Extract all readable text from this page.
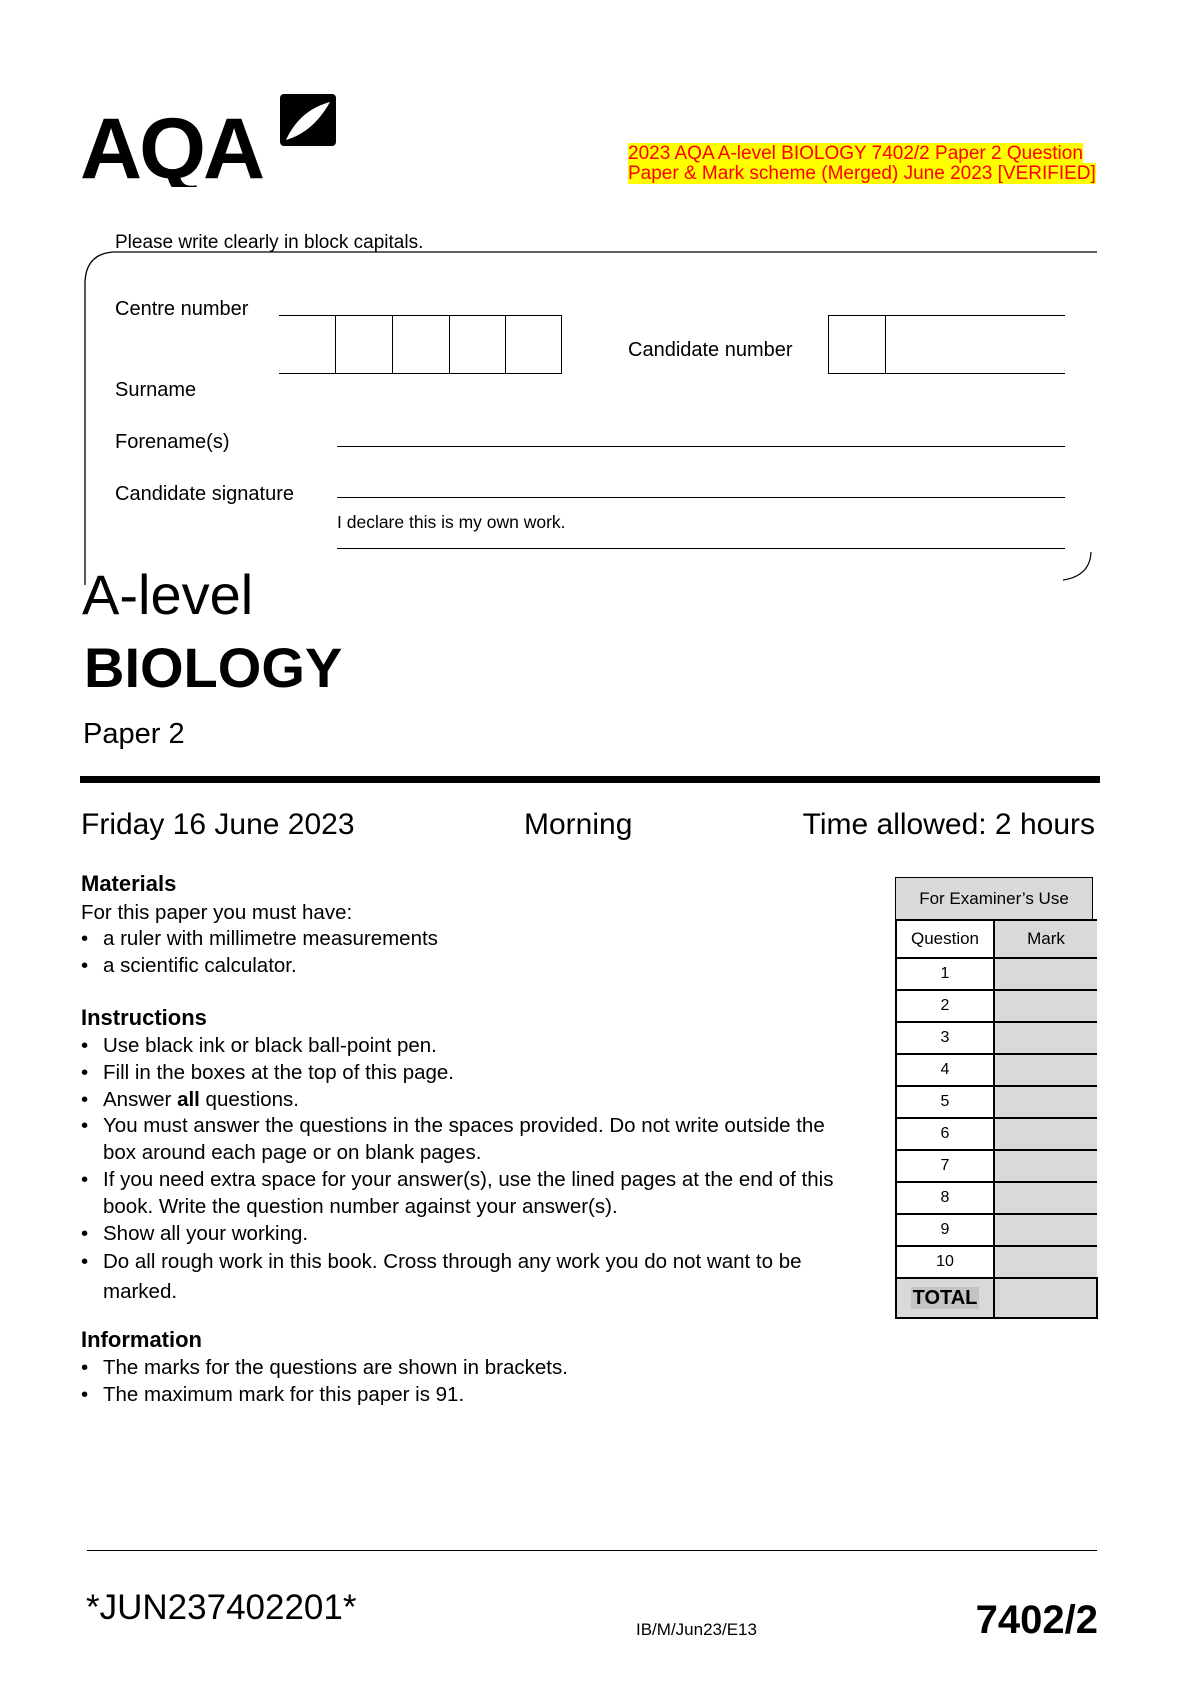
AQA	2023 AQA A-level BIOLOGY 7402/2 Paper 2 Question Paper & Mark scheme (Merged) June 2023 [VERIFIED]
Please write clearly in block capitals.
Centre number
Candidate number
Surname
Forename(s)
Candidate signature
I declare this is my own work.
A-level
BIOLOGY
Paper 2
Friday 16 June 2023	Morning	Time allowed: 2 hours
Materials
For this paper you must have:
• a ruler with millimetre measurements
• a scientific calculator.
Instructions
• Use black ink or black ball-point pen.
• Fill in the boxes at the top of this page.
• Answer all questions.
• You must answer the questions in the spaces provided. Do not write outside the box around each page or on blank pages.
• If you need extra space for your answer(s), use the lined pages at the end of this book. Write the question number against your answer(s).
• Show all your working.
• Do all rough work in this book. Cross through any work you do not want to be marked.
Information
• The marks for the questions are shown in brackets.
• The maximum mark for this paper is 91.
For Examiner’s Use
Question	Mark
1	
2	
3	
4	
5	
6	
7	
8	
9	
10	
TOTAL	
*JUN237402201*
IB/M/Jun23/E13	7402/2
